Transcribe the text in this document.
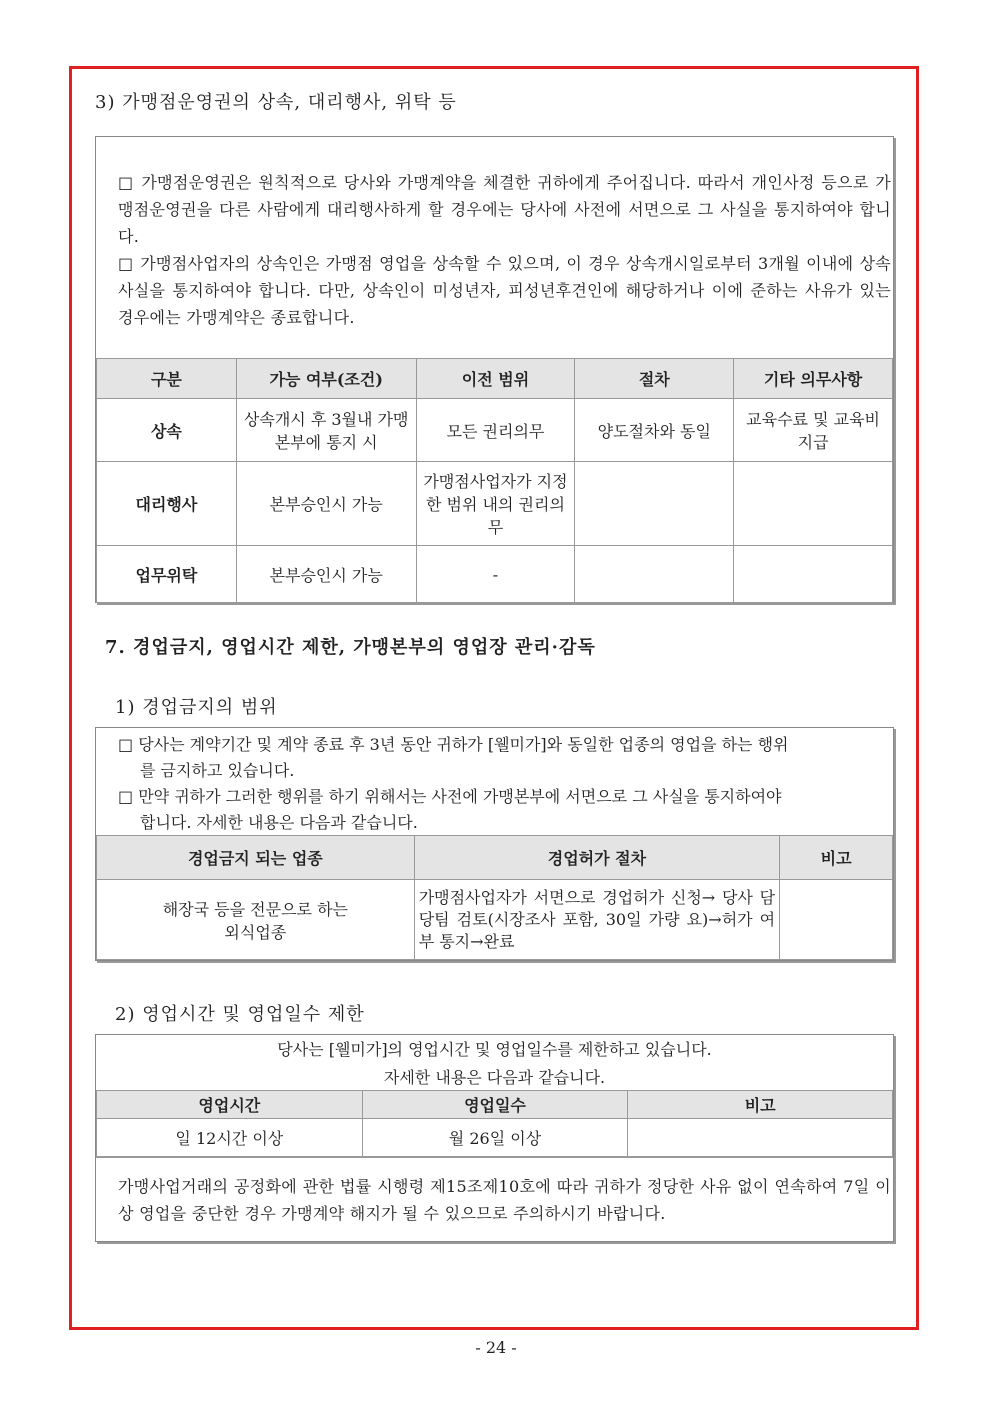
3) 가맹점운영권의 상속, 대리행사, 위탁 등
□ 가맹점운영권은 원칙적으로 당사와 가맹계약을 체결한 귀하에게 주어집니다. 따라서 개인사정 등으로 가맹점운영권을 다른 사람에게 대리행사하게 할 경우에는 당사에 사전에 서면으로 그 사실을 통지하여야 합니다.
□ 가맹점사업자의 상속인은 가맹점 영업을 상속할 수 있으며, 이 경우 상속개시일로부터 3개월 이내에 상속사실을 통지하여야 합니다. 다만, 상속인이 미성년자, 피성년후견인에 해당하거나 이에 준하는 사유가 있는 경우에는 가맹계약은 종료합니다.
구분	가능 여부(조건)	이전 범위	절차	기타 의무사항
상속	상속개시 후 3월내 가맹본부에 통지 시	모든 권리의무	양도절차와 동일	교육수료 및 교육비 지급
대리행사	본부승인시 가능	가맹점사업자가 지정한 범위 내의 권리의무		
업무위탁	본부승인시 가능	-		
7. 경업금지, 영업시간 제한, 가맹본부의 영업장 관리·감독
1) 경업금지의 범위
□ 당사는 계약기간 및 계약 종료 후 3년 동안 귀하가 [웰미가]와 동일한 업종의 영업을 하는 행위
를 금지하고 있습니다.
□ 만약 귀하가 그러한 행위를 하기 위해서는 사전에 가맹본부에 서면으로 그 사실을 통지하여야
합니다. 자세한 내용은 다음과 같습니다.
경업금지 되는 업종	경업허가 절차	비고
해장국 등을 전문으로 하는 외식업종	가맹점사업자가 서면으로 경업허가 신청→ 당사 담당팀 검토(시장조사 포함, 30일 가량 요)→허가 여부 통지→완료	
2) 영업시간 및 영업일수 제한
당사는 [웰미가]의 영업시간 및 영업일수를 제한하고 있습니다.
자세한 내용은 다음과 같습니다.
영업시간	영업일수	비고
일 12시간 이상	월 26일 이상	
가맹사업거래의 공정화에 관한 법률 시행령 제15조제10호에 따라 귀하가 정당한 사유 없이 연속하여 7일 이상 영업을 중단한 경우 가맹계약 해지가 될 수 있으므로 주의하시기 바랍니다.
- 24 -
